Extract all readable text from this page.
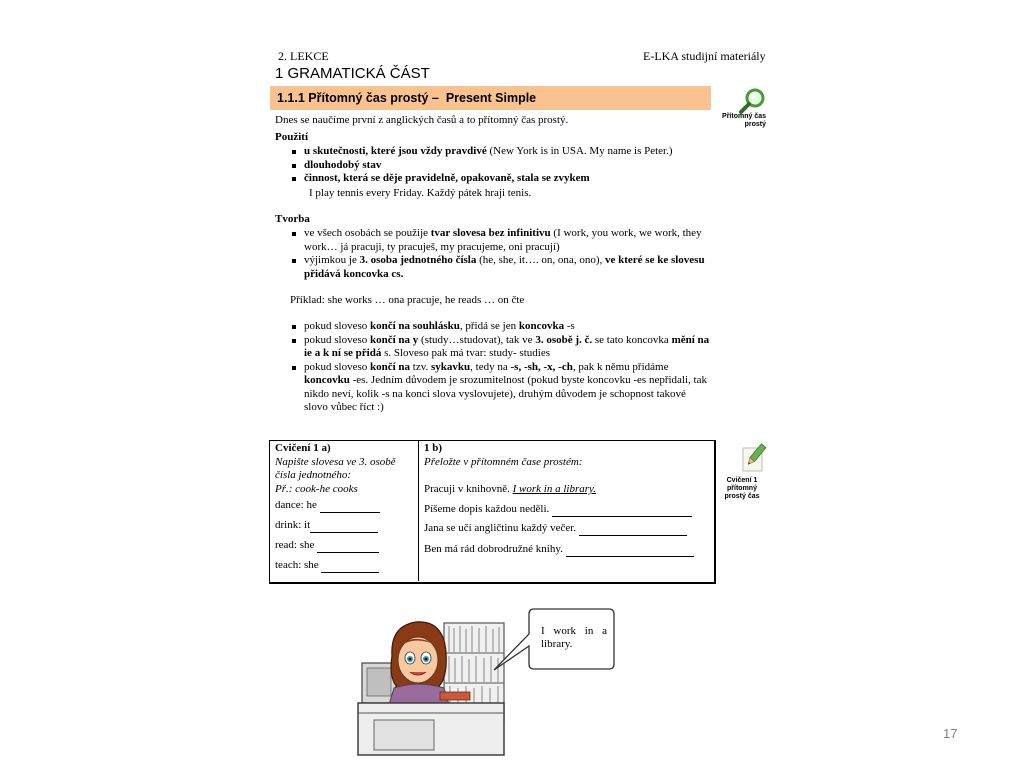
2. LEKCE	E-LKA studijní materiály
1 GRAMATICKÁ ČÁST
1.1.1 Přítomný čas prostý –  Present Simple
Přítomný čas
prostý
Dnes se naučíme první z anglických časů a to přítomný čas prostý.
Použití
u skutečnosti, které jsou vždy pravdivé (New York is in USA. My name is Peter.)
dlouhodobý stav
činnost, která se děje pravidelně, opakovaně, stala se zvykem
I play tennis every Friday. Každý pátek hraji tenis.
Tvorba
ve všech osobách se použije tvar slovesa bez infinitivu (I work, you work, we work, they work… já pracuji, ty pracuješ, my pracujeme, oni pracují)
výjimkou je 3. osoba jednotného čísla (he, she, it…. on, ona, ono), ve které se ke slovesu přidává koncovka cs.
Příklad: she works … ona pracuje, he reads … on čte
pokud sloveso končí na souhlásku, přidá se jen koncovka -s
pokud sloveso končí na y (study…studovat), tak ve 3. osobě j. č. se tato koncovka mění na ie a k ní se přidá s. Sloveso pak má tvar: study- studies
pokud sloveso končí na tzv. sykavku, tedy na -s, -sh, -x, -ch, pak k němu přidáme koncovku -es. Jedním důvodem je srozumitelnost (pokud byste koncovku -es nepřidali, tak nikdo neví, kolik -s na konci slova vyslovujete), druhým důvodem je schopnost takové slovo vůbec říct :)
Cvičení 1 a)
Napište slovesa ve 3. osobě
čísla jednotného:
Př.: cook-he cooks
dance: he
drink: it
read: she
teach: she
1 b)
Přeložte v přítomném čase prostém:
Pracuji v knihovně. I work in a library.
Píšeme dopis každou neděli.
Jana se učí angličtinu každý večer.
Ben má rád dobrodružné knihy.
Cvičení 1
přítomný
prostý čas
I work in a library.
17
